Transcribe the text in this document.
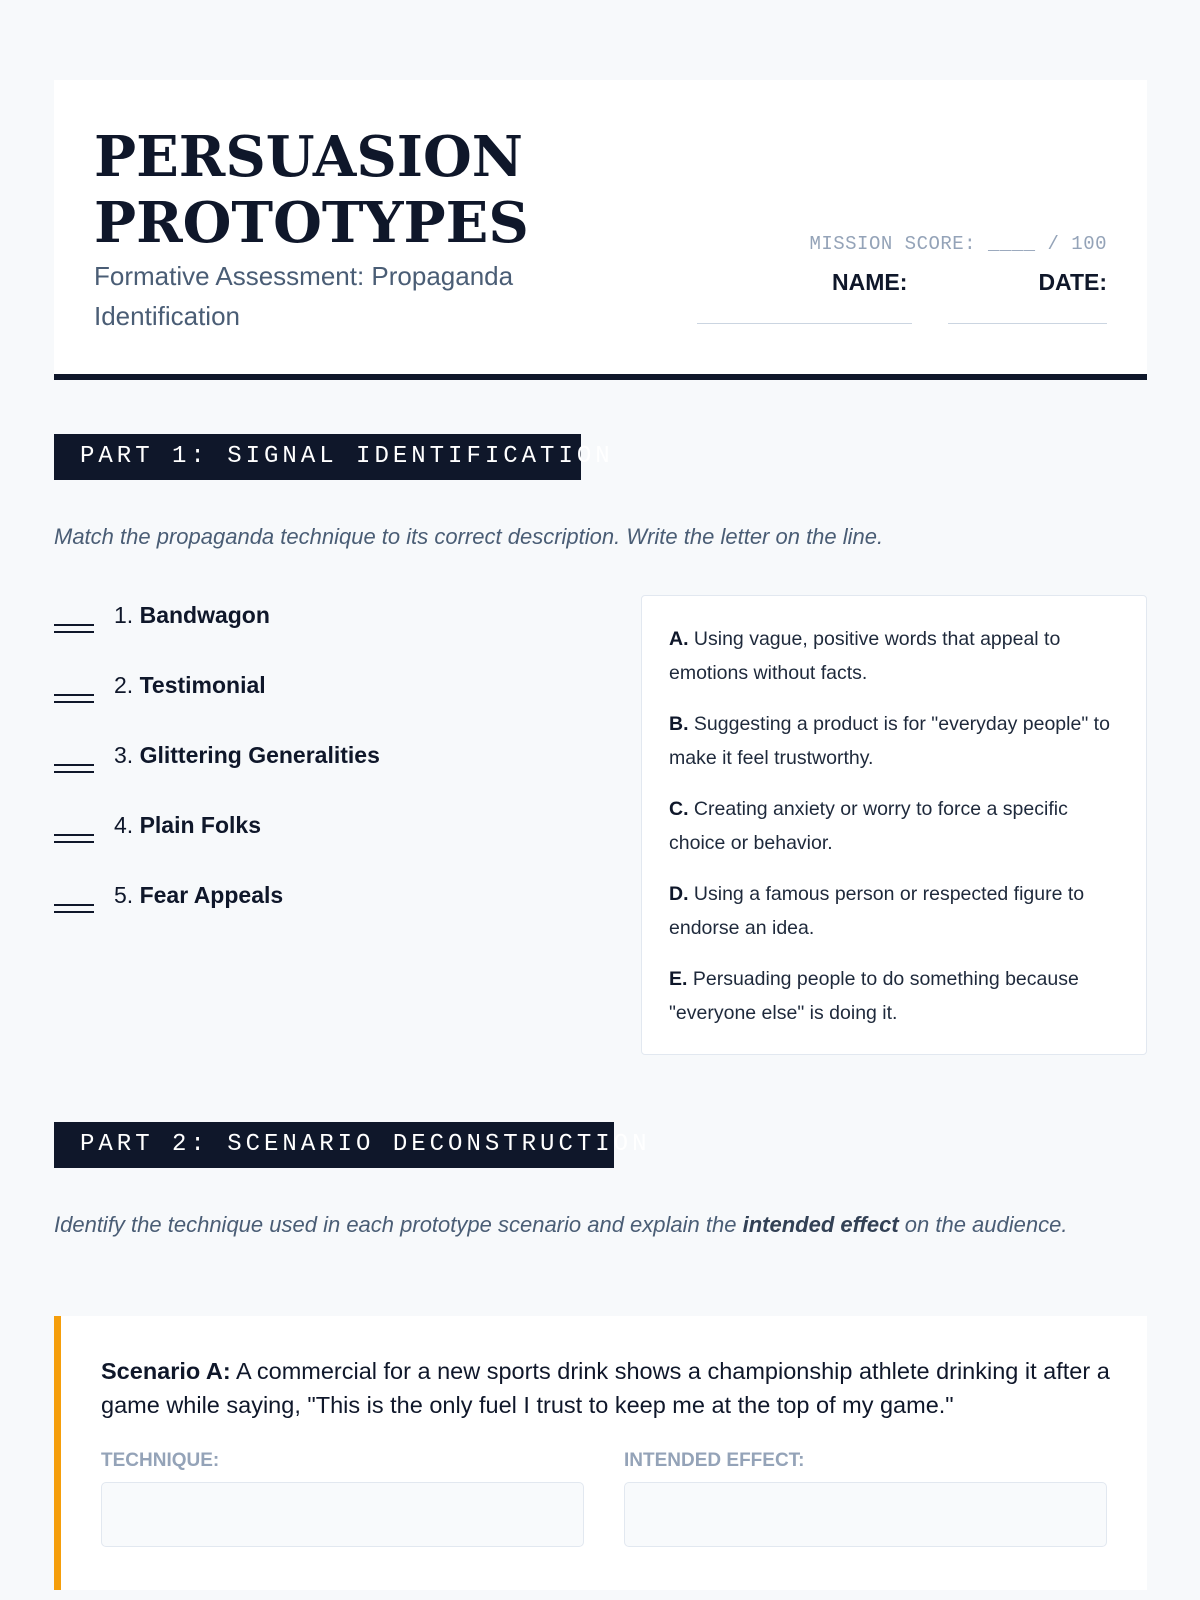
PERSUASION PROTOTYPES
Formative Assessment: Propaganda Identification
MISSION SCORE: ____ / 100
NAME:	DATE:
PART 1: SIGNAL IDENTIFICATION
Match the propaganda technique to its correct description. Write the letter on the line.
1. Bandwagon
2. Testimonial
3. Glittering Generalities
4. Plain Folks
5. Fear Appeals
A. Using vague, positive words that appeal to emotions without facts.
B. Suggesting a product is for "everyday people" to make it feel trustworthy.
C. Creating anxiety or worry to force a specific choice or behavior.
D. Using a famous person or respected figure to endorse an idea.
E. Persuading people to do something because "everyone else" is doing it.
PART 2: SCENARIO DECONSTRUCTION
Identify the technique used in each prototype scenario and explain the intended effect on the audience.
Scenario A: A commercial for a new sports drink shows a championship athlete drinking it after a game while saying, "This is the only fuel I trust to keep me at the top of my game."
TECHNIQUE:	INTENDED EFFECT:
